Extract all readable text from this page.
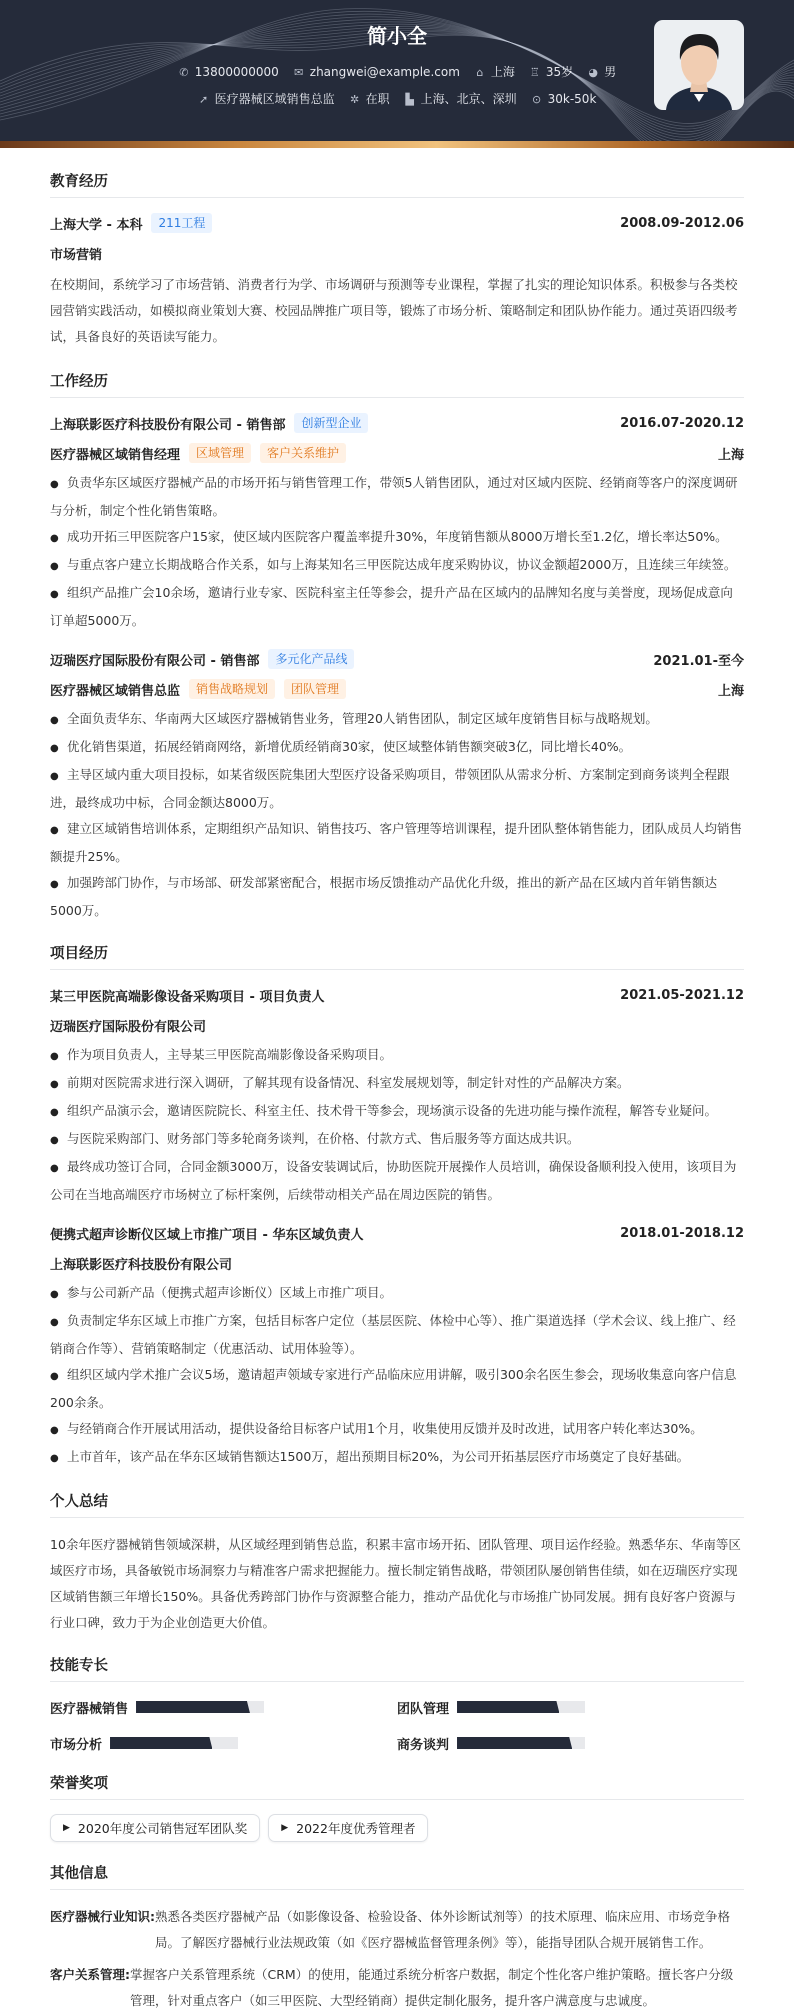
简小全
✆ 13800000000 ✉ zhangwei@example.com ⌂ 上海 ♖ 35岁 ◕ 男
➚ 医疗器械区域销售总监 ✲ 在职 ▙ 上海、北京、深圳 ⊙ 30k-50k
教育经历
上海大学 - 本科	211工程	2008.09-2012.06
市场营销
在校期间，系统学习了市场营销、消费者行为学、市场调研与预测等专业课程，掌握了扎实的理论知识体系。积极参与各类校园营销实践活动，如模拟商业策划大赛、校园品牌推广项目等，锻炼了市场分析、策略制定和团队协作能力。通过英语四级考试，具备良好的英语读写能力。
工作经历
上海联影医疗科技股份有限公司 - 销售部	创新型企业	2016.07-2020.12
医疗器械区域销售经理	区域管理	客户关系维护	上海
● 负责华东区域医疗器械产品的市场开拓与销售管理工作，带领5人销售团队，通过对区域内医院、经销商等客户的深度调研与分析，制定个性化销售策略。
● 成功开拓三甲医院客户15家，使区域内医院客户覆盖率提升30%，年度销售额从8000万增长至1.2亿，增长率达50%。
● 与重点客户建立长期战略合作关系，如与上海某知名三甲医院达成年度采购协议，协议金额超2000万，且连续三年续签。
● 组织产品推广会10余场，邀请行业专家、医院科室主任等参会，提升产品在区域内的品牌知名度与美誉度，现场促成意向订单超5000万。
迈瑞医疗国际股份有限公司 - 销售部	多元化产品线	2021.01-至今
医疗器械区域销售总监	销售战略规划	团队管理	上海
● 全面负责华东、华南两大区域医疗器械销售业务，管理20人销售团队，制定区域年度销售目标与战略规划。
● 优化销售渠道，拓展经销商网络，新增优质经销商30家，使区域整体销售额突破3亿，同比增长40%。
● 主导区域内重大项目投标，如某省级医院集团大型医疗设备采购项目，带领团队从需求分析、方案制定到商务谈判全程跟进，最终成功中标，合同金额达8000万。
● 建立区域销售培训体系，定期组织产品知识、销售技巧、客户管理等培训课程，提升团队整体销售能力，团队成员人均销售额提升25%。
● 加强跨部门协作，与市场部、研发部紧密配合，根据市场反馈推动产品优化升级，推出的新产品在区域内首年销售额达5000万。
项目经历
某三甲医院高端影像设备采购项目 - 项目负责人	2021.05-2021.12
迈瑞医疗国际股份有限公司
● 作为项目负责人，主导某三甲医院高端影像设备采购项目。
● 前期对医院需求进行深入调研，了解其现有设备情况、科室发展规划等，制定针对性的产品解决方案。
● 组织产品演示会，邀请医院院长、科室主任、技术骨干等参会，现场演示设备的先进功能与操作流程，解答专业疑问。
● 与医院采购部门、财务部门等多轮商务谈判，在价格、付款方式、售后服务等方面达成共识。
● 最终成功签订合同，合同金额3000万，设备安装调试后，协助医院开展操作人员培训，确保设备顺利投入使用，该项目为公司在当地高端医疗市场树立了标杆案例，后续带动相关产品在周边医院的销售。
便携式超声诊断仪区域上市推广项目 - 华东区域负责人	2018.01-2018.12
上海联影医疗科技股份有限公司
● 参与公司新产品（便携式超声诊断仪）区域上市推广项目。
● 负责制定华东区域上市推广方案，包括目标客户定位（基层医院、体检中心等）、推广渠道选择（学术会议、线上推广、经销商合作等）、营销策略制定（优惠活动、试用体验等）。
● 组织区域内学术推广会议5场，邀请超声领域专家进行产品临床应用讲解，吸引300余名医生参会，现场收集意向客户信息200余条。
● 与经销商合作开展试用活动，提供设备给目标客户试用1个月，收集使用反馈并及时改进，试用客户转化率达30%。
● 上市首年，该产品在华东区域销售额达1500万，超出预期目标20%，为公司开拓基层医疗市场奠定了良好基础。
个人总结
10余年医疗器械销售领域深耕，从区域经理到销售总监，积累丰富市场开拓、团队管理、项目运作经验。熟悉华东、华南等区域医疗市场，具备敏锐市场洞察力与精准客户需求把握能力。擅长制定销售战略，带领团队屡创销售佳绩，如在迈瑞医疗实现区域销售额三年增长150%。具备优秀跨部门协作与资源整合能力，推动产品优化与市场推广协同发展。拥有良好客户资源与行业口碑，致力于为企业创造更大价值。
技能专长
医疗器械销售	团队管理
市场分析	商务谈判
荣誉奖项
▶ 2020年度公司销售冠军团队奖	▶ 2022年度优秀管理者
其他信息
医疗器械行业知识: 熟悉各类医疗器械产品（如影像设备、检验设备、体外诊断试剂等）的技术原理、临床应用、市场竞争格局。了解医疗器械行业法规政策（如《医疗器械监督管理条例》等），能指导团队合规开展销售工作。
客户关系管理: 掌握客户关系管理系统（CRM）的使用，能通过系统分析客户数据，制定个性化客户维护策略。擅长客户分级管理，针对重点客户（如三甲医院、大型经销商）提供定制化服务，提升客户满意度与忠诚度。
